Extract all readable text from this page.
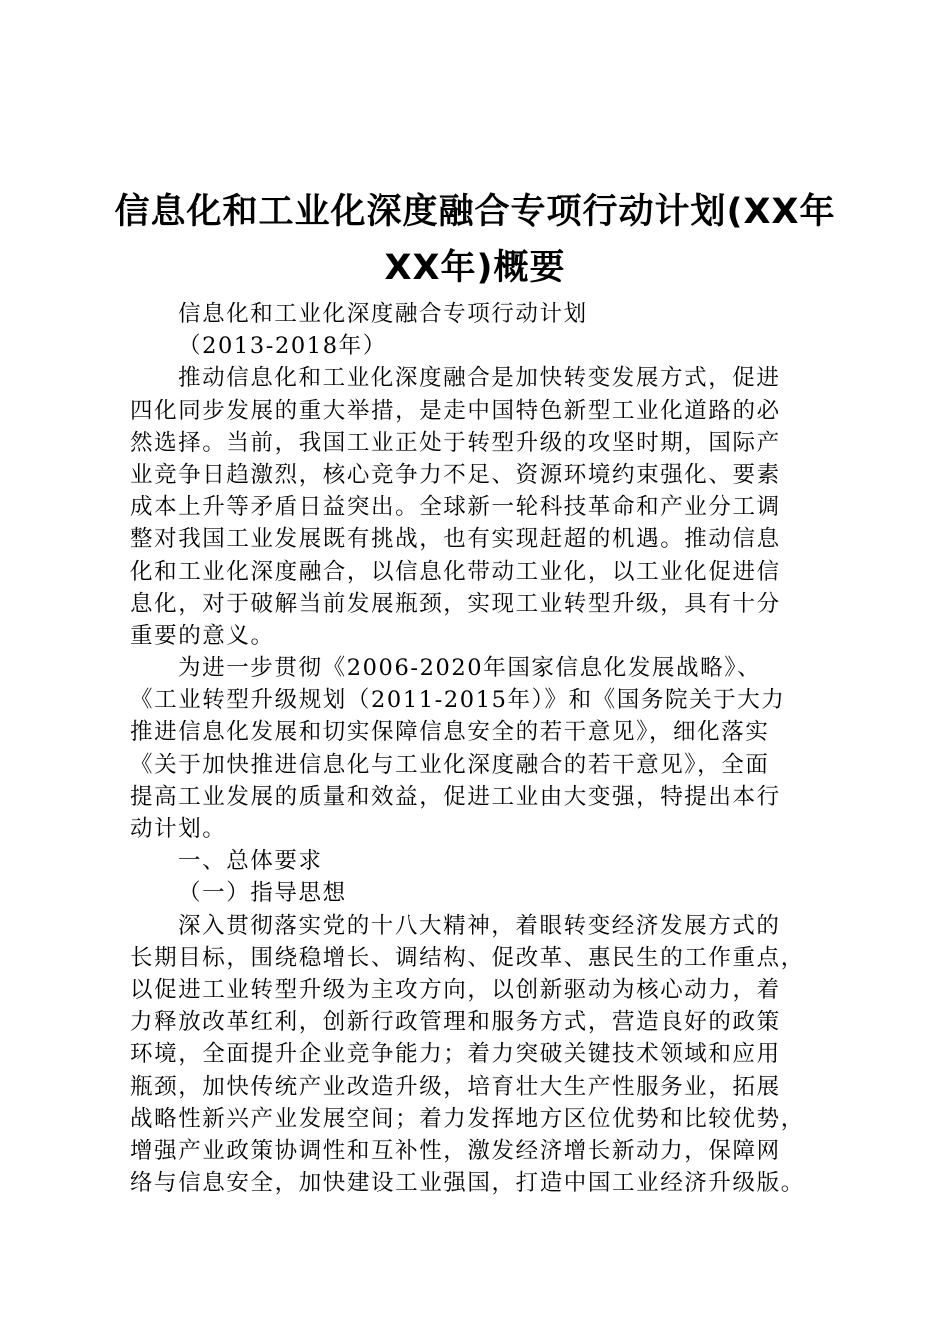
信息化和工业化深度融合专项行动计划(XX年
XX年)概要
信息化和工业化深度融合专项行动计划
（2013-2018年）
推动信息化和工业化深度融合是加快转变发展方式，促进
四化同步发展的重大举措，是走中国特色新型工业化道路的必
然选择。当前，我国工业正处于转型升级的攻坚时期，国际产
业竞争日趋激烈，核心竞争力不足、资源环境约束强化、要素
成本上升等矛盾日益突出。全球新一轮科技革命和产业分工调
整对我国工业发展既有挑战，也有实现赶超的机遇。推动信息
化和工业化深度融合，以信息化带动工业化，以工业化促进信
息化，对于破解当前发展瓶颈，实现工业转型升级，具有十分
重要的意义。
为进一步贯彻《2006-2020年国家信息化发展战略》、
《工业转型升级规划（2011-2015年）》和《国务院关于大力
推进信息化发展和切实保障信息安全的若干意见》，细化落实
《关于加快推进信息化与工业化深度融合的若干意见》，全面
提高工业发展的质量和效益，促进工业由大变强，特提出本行
动计划。
一、总体要求
（一）指导思想
深入贯彻落实党的十八大精神，着眼转变经济发展方式的
长期目标，围绕稳增长、调结构、促改革、惠民生的工作重点，
以促进工业转型升级为主攻方向，以创新驱动为核心动力，着
力释放改革红利，创新行政管理和服务方式，营造良好的政策
环境，全面提升企业竞争能力；着力突破关键技术领域和应用
瓶颈，加快传统产业改造升级，培育壮大生产性服务业，拓展
战略性新兴产业发展空间；着力发挥地方区位优势和比较优势，
增强产业政策协调性和互补性，激发经济增长新动力，保障网
络与信息安全，加快建设工业强国，打造中国工业经济升级版。
